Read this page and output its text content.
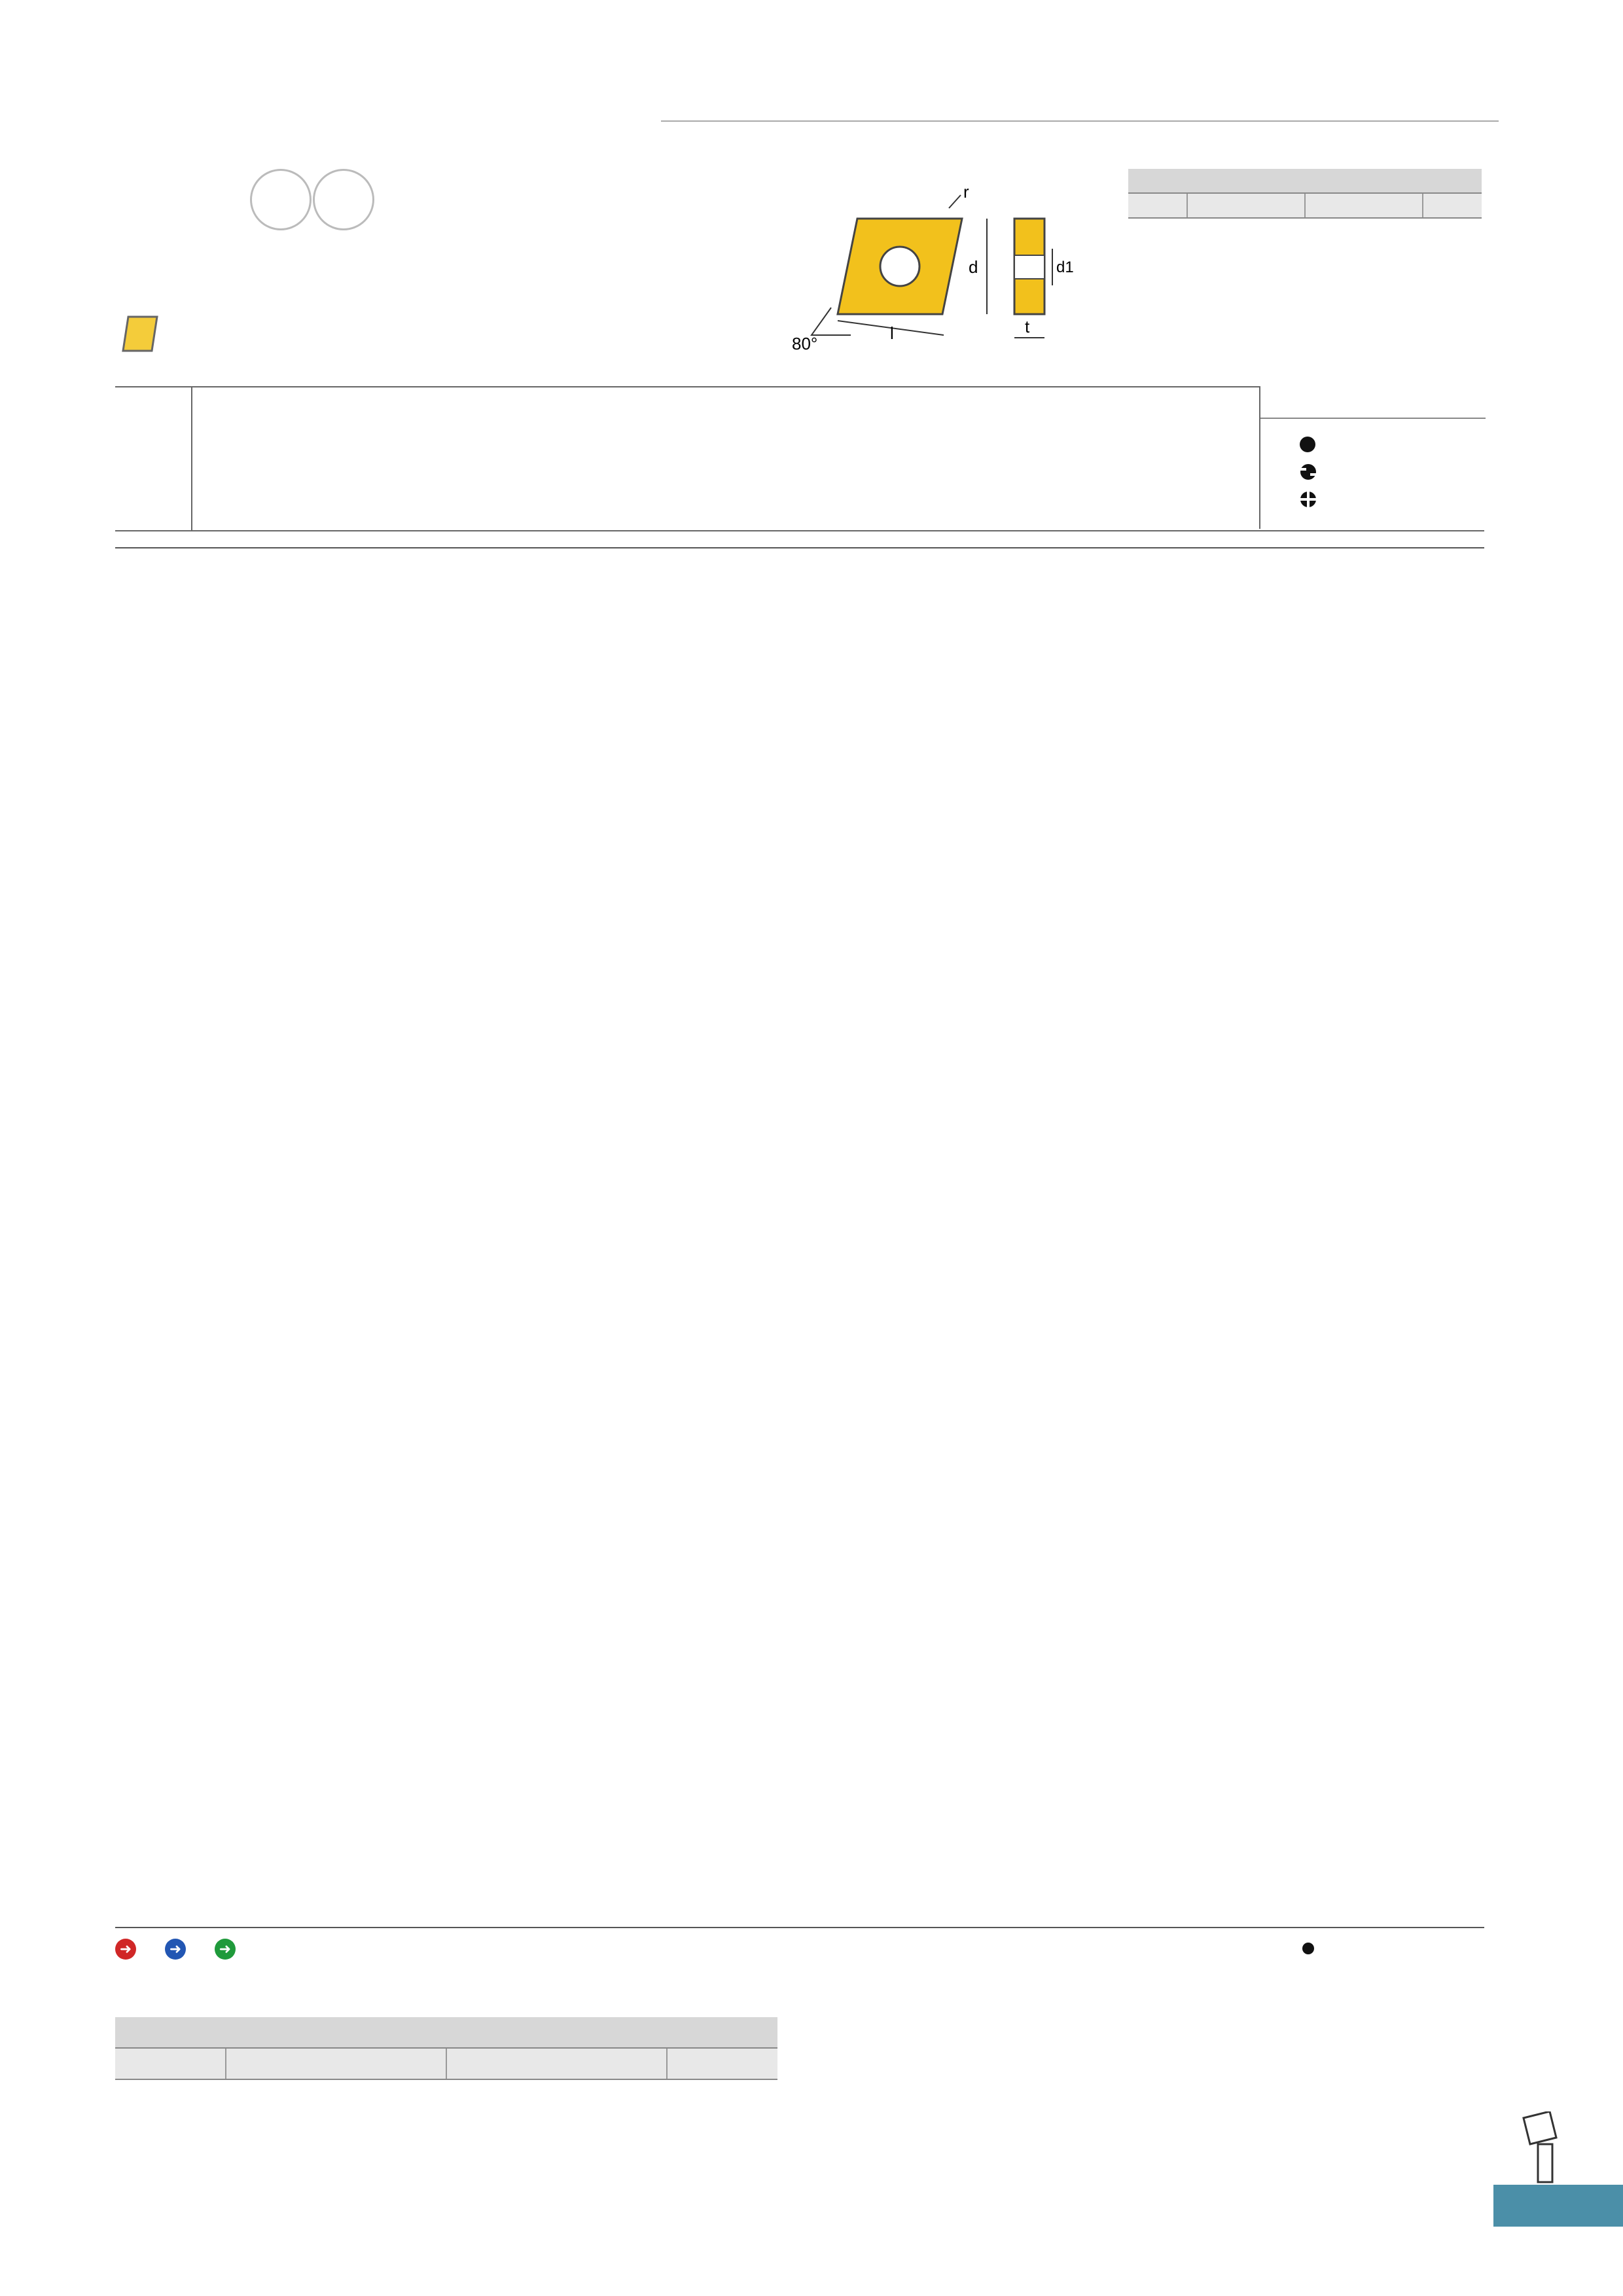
r
d
l
80°
d1
t

➜	➜	➜
